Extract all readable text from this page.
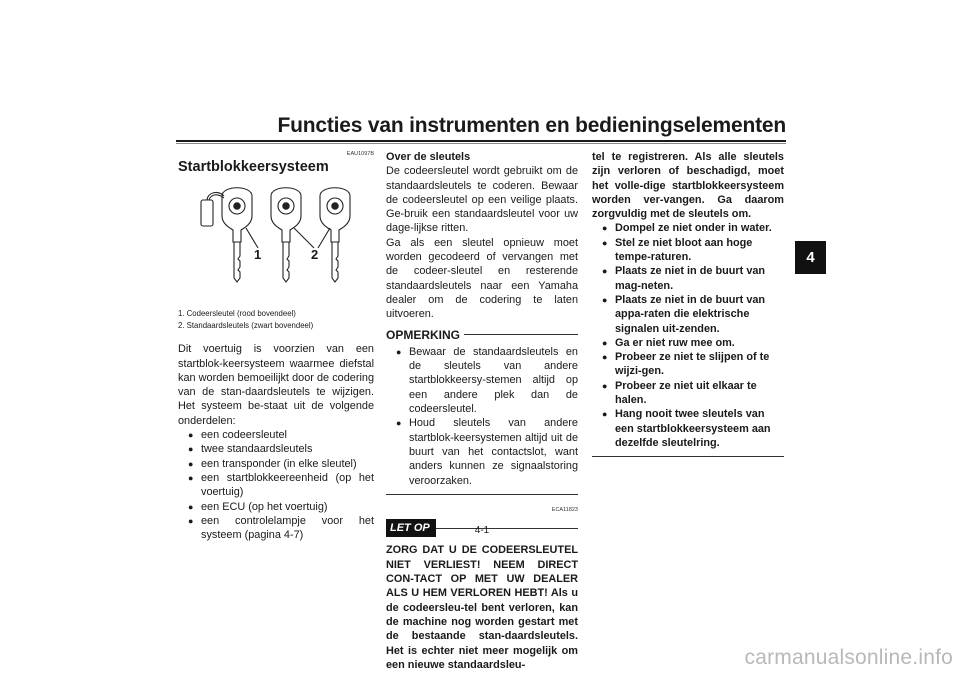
Functies van instrumenten en bedieningselementen
4
EAU1097B
Startblokkeersysteem
1	2
1. Codeersleutel (rood bovendeel)
2. Standaardsleutels (zwart bovendeel)

Dit voertuig is voorzien van een startblok-keersysteem waarmee diefstal kan worden bemoeilijkt door de codering van de stan-daardsleutels te wijzigen. Het systeem be-staat uit de volgende onderdelen:

● een codeersleutel
● twee standaardsleutels
● een transponder (in elke sleutel)
● een startblokkeereenheid (op het voertuig)
● een ECU (op het voertuig)
● een controlelampje voor het systeem (pagina 4-7)
Over de sleutels

De codeersleutel wordt gebruikt om de standaardsleutels te coderen. Bewaar de codeersleutel op een veilige plaats. Ge-bruik een standaardsleutel voor uw dage-lijkse ritten.
Ga als een sleutel opnieuw moet worden gecodeerd of vervangen met de codeer-sleutel en resterende standaardsleutels naar een Yamaha dealer om de codering te laten uitvoeren.

OPMERKING
● Bewaar de standaardsleutels en de sleutels van andere startblokkeersy-stemen altijd op een andere plek dan de codeersleutel.
● Houd sleutels van andere startblok-keersystemen altijd uit de buurt van het contactslot, want anders kunnen ze signaalstoring veroorzaken.
ECA11823
LET OP

ZORG DAT U DE CODEERSLEUTEL NIET VERLIEST! NEEM DIRECT CON-TACT OP MET UW DEALER ALS U HEM VERLOREN HEBT! Als u de codeersleu-tel bent verloren, kan de machine nog worden gestart met de bestaande stan-daardsleutels. Het is echter niet meer mogelijk om een nieuwe standaardsleu-

tel te registreren. Als alle sleutels zijn verloren of beschadigd, moet het volle-dige startblokkeersysteem worden ver-vangen. Ga daarom zorgvuldig met de sleutels om.

● Dompel ze niet onder in water.
● Stel ze niet bloot aan hoge tempe-raturen.
● Plaats ze niet in de buurt van mag-neten.
● Plaats ze niet in de buurt van appa-raten die elektrische signalen uit-zenden.
● Ga er niet ruw mee om.
● Probeer ze niet te slijpen of te wijzi-gen.
● Probeer ze niet uit elkaar te halen.
● Hang nooit twee sleutels van een startblokkeersysteem aan dezelfde sleutelring.
4-1
carmanualsonline.info
